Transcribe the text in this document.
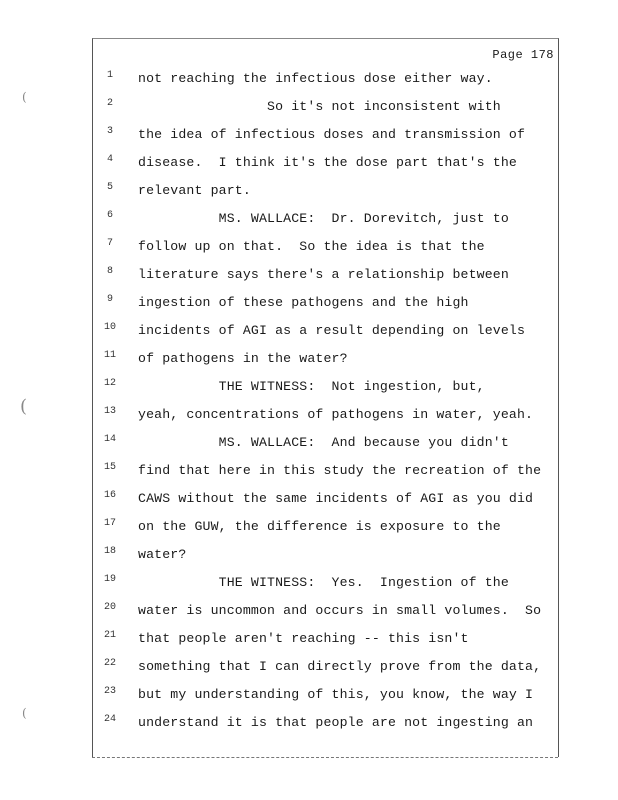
(
(
(
Page 178
1	not reaching the infectious dose either way.
2	So it's not inconsistent with
3	the idea of infectious doses and transmission of
4	disease.  I think it's the dose part that's the
5	relevant part.
6	MS. WALLACE:  Dr. Dorevitch, just to
7	follow up on that.  So the idea is that the
8	literature says there's a relationship between
9	ingestion of these pathogens and the high
10	incidents of AGI as a result depending on levels
11	of pathogens in the water?
12	THE WITNESS:  Not ingestion, but,
13	yeah, concentrations of pathogens in water, yeah.
14	MS. WALLACE:  And because you didn't
15	find that here in this study the recreation of the
16	CAWS without the same incidents of AGI as you did
17	on the GUW, the difference is exposure to the
18	water?
19	THE WITNESS:  Yes.  Ingestion of the
20	water is uncommon and occurs in small volumes.  So
21	that people aren't reaching -- this isn't
22	something that I can directly prove from the data,
23	but my understanding of this, you know, the way I
24	understand it is that people are not ingesting an
